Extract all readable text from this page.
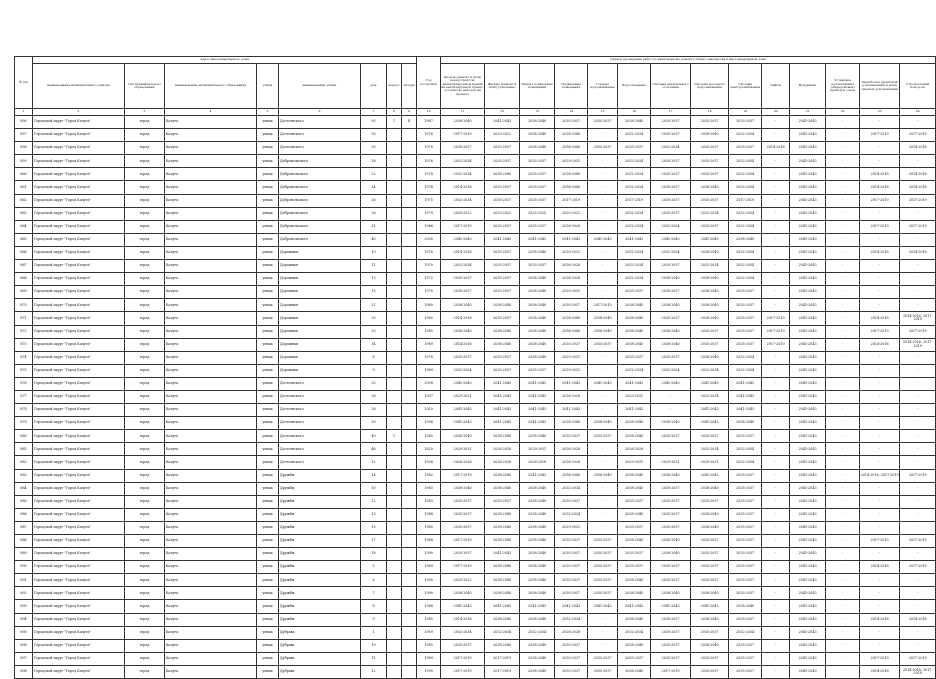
№ п/п	Адрес многоквартирного дома								Год постройки	Период проведения работ по капитальному ремонту общего имущества в многоквартирном доме													
	наименование муниципального района	тип муниципального образования	наименование муниципального образования	улица	наименование улицы	дом	корпус	литера		Кровля (ремонт и (или) переустройство невентилируемой крыши на вентилируемую крышу, устройство выходов на кровлю)	Фасады (ремонт и (или) утепление)	Ремонт подвальных помещений	Подвальные помещения	Горячее водоснабжение	Водоотведение	Система центрального отопления	Система холодного водоснабжения	Система электроснабжения	Лифты	Фундамент	Установка коллективных (общедомовых) приборов учета	Разработка проектной документации и (или) сметной документации	Строительный контроль
1	2	3	4	5	6	7	8	9	10	11	12	13	14	15	16	17	18	19	20	21	22	23	24
856	Городской округ "Город Калуга"	город	Калуга	улица	Достоевского	93	1	Б	1987	2038-2040	2041-2043	2038-2040	2035-2037	2035-2037	2038-2040	2035-2037	2035-2037	2035-2037	-	2041-2043	-	-	-
857	Городской округ "Город Калуга"	город	Калуга	улица	Достоевского	93			1976	2017-2019	2020-2022	2038-2040	2038-2040	-	2032-2034	2035-2037	2038-2040	2032-2034	-	2041-2043	-	2017-2019	2017-2019
858	Городской округ "Город Калуга"	город	Калуга	улица	Достоевского	93			1976	2035-2037	2035-2037	2038-2040	2038-2040	2035-2037	2035-2037	2032-2034	2035-2037	2035-2037	2014-2016	2041-2043	-	-	2014-2016
859	Городской округ "Город Калуга"	город	Калуга	улица	Добровольского	16			1976	2032-2034	2035-2037	2035-2037	2029-2031	-	2032-2034	2035-2037	2035-2037	2032-2034	-	2041-2043	-	-	-
860	Городской округ "Город Калуга"	город	Калуга	улица	Добровольского	22			1978	2032-2034	2038-2040	2035-2037	2038-2040	-	2032-2034	2035-2037	2035-2037	2032-2034	-	2041-2043	-	2014-2016	2014-2016
861	Городской округ "Город Калуга"	город	Калуга	улица	Добровольского	24			1974	2014-2016	2035-2037	2035-2037	2038-2040	-	2032-2034	2035-2037	2038-2040	2032-2034	-	2041-2043	-	2014-2016	2014-2016
862	Городской округ "Город Калуга"	город	Калуга	улица	Добровольского	26			1975	2032-2034	2035-2037	2035-2037	2017-2019	-	2017-2019	2035-2037	2035-2037	2017-2019	-	2041-2043	-	2017-2019	2017-2019
863	Городской округ "Город Калуга"	город	Калуга	улица	Добровольского	28			1979	2020-2022	2020-2022	2023-2025	2020-2022	-	2032-2034	2035-2037	2032-2034	2032-2034	-	2041-2043	-	-	-
864	Городской округ "Город Калуга"	город	Калуга	улица	Добровольского	31			1968	2017-2019	2035-2037	2035-2037	2026-2028	-	2032-2034	2032-2034	2035-2037	2032-2034	-	2041-2043	-	2017-2019	2017-2019
865	Городской округ "Город Калуга"	город	Калуга	улица	Добровольского	40			2005	2041-2043	2041-2043	2041-2043	2041-2043	2041-2043	2041-2043	2041-2043	2041-2043	2038-2040	-	2041-2043	-	-	-
866	Городской округ "Город Калуга"	город	Калуга	улица	Дорожная	10			1976	2014-2016	2035-2037	2038-2040	2029-2031	-	2032-2034	2032-2034	2038-2040	2032-2034	-	2041-2043	-	2014-2016	2014-2016
867	Городской округ "Город Калуга"	город	Калуга	улица	Дорожная	11			1970	2032-2034	2035-2037	2035-2037	2026-2028	-	2032-2034	2035-2037	2032-2034	2032-2034	-	2041-2043	-	-	-
868	Городской округ "Город Калуга"	город	Калуга	улица	Дорожная	13			1972	2035-2037	2035-2037	2038-2040	2026-2028	-	2032-2034	2038-2040	2038-2040	2032-2034	-	2041-2043	-	-	-
869	Городской округ "Город Калуга"	город	Калуга	улица	Дорожная	15			1970	2035-2037	2035-2037	2038-2040	2029-2031	-	2035-2037	2035-2037	2038-2040	2035-2037	-	2041-2043	-	-	-
870	Городской округ "Город Калуга"	город	Калуга	улица	Дорожная	21			1980	2038-2040	2038-2040	2038-2040	2035-2037	2017-2019	2038-2040	2038-2040	2038-2040	2035-2037	-	2041-2043	-	-	-
871	Городской округ "Город Калуга"	город	Калуга	улица	Дорожная	35			1985	2014-2016	2035-2037	2038-2040	2038-2040	2038-2040	2038-2040	2035-2037	2038-2040	2035-2037	2017-2019	2041-2043	-	2014-2016	2014-2016, 2017-2019
872	Городской округ "Город Калуга"	город	Калуга	улица	Дорожная	33			1985	2038-2040	2038-2040	2038-2040	2038-2040	2038-2040	2038-2040	2038-2040	2035-2037	2035-2037	2017-2019	2041-2043	-	2017-2019	2017-2019
873	Городской округ "Город Калуга"	город	Калуга	улица	Дорожная	34			1989	2014-2016	2038-2040	2038-2040	2035-2037	2035-2037	2038-2040	2038-2040	2035-2037	2035-2037	2017-2019	2041-2043	-	2014-2016	2014-2016, 2017-2019
874	Городской округ "Город Калуга"	город	Калуга	улица	Дорожная	8			1976	2035-2037	2035-2037	2038-2040	2029-2031	-	2035-2037	2035-2037	2038-2040	2032-2034	-	2041-2043	-	-	-
875	Городской округ "Город Калуга"	город	Калуга	улица	Дорожная	9			1969	2032-2034	2035-2037	2035-2037	2029-2031	-	2032-2034	2032-2034	2032-2034	2032-2034	-	2041-2043	-	-	-
876	Городской округ "Город Калуга"	город	Калуга	улица	Достоевского	25			2008	2041-2043	2041-2043	2041-2043	2041-2043	2041-2043	2041-2043	2041-2043	2041-2043	2041-2043	-	2041-2043	-	-	-
877	Городской округ "Город Калуга"	город	Калуга	улица	Достоевского	28			1937	2029-2031	2041-2043	2041-2043	2026-2028	-	2029-2031	-	2032-2034	2041-2043	-	2041-2043	-	-	-
878	Городской округ "Город Калуга"	город	Калуга	улица	Достоевского	28			2010	2041-2043	2041-2043	2041-2043	2041-2043	-	2041-2043	-	2041-2043	2041-2043	-	2041-2043	-	-	-
879	Городской округ "Город Калуга"	город	Калуга	улица	Достоевского	30			1998	2041-2043	2041-2043	2041-2043	2038-2040	2038-2040	2038-2040	2038-2040	2041-2043	2038-2040	-	2041-2043	-	-	-
880	Городской округ "Город Калуга"	город	Калуга	улица	Достоевского	40	1		1985	2038-2040	2038-2040	2038-2040	2035-2037	2035-2037	2038-2040	2035-2037	2035-2037	2035-2037	-	2041-2043	-	-	-
881	Городской округ "Город Калуга"	город	Калуга	улица	Достоевского	46			1820	2029-2031	2026-2028	2029-2031	2026-2028	-	2026-2028	-	2032-2034	2032-2034	-	2041-2043	-	-	-
882	Городской округ "Город Калуга"	город	Калуга	улица	Достоевского	12			1938	2026-2028	2026-2028	2026-2028	2026-2028	-	2029-2031	2029-2031	2029-2031	2032-2034	-	2041-2043	-	-	-
883	Городской округ "Город Калуга"	город	Калуга	улица	Дружбы	14			1982	2017-2019	2038-2040	2041-2043	2038-2040	2038-2040	2038-2040	2038-2040	2041-2043	2035-2037	-	2041-2043	-	2014-2016, 2017-2019	2017-2019
884	Городской округ "Город Калуга"	город	Калуга	улица	Дружбы	10			1983	2038-2040	2038-2040	2038-2040	2032-2034	-	2038-2040	2035-2037	2038-2040	2035-2037	-	2041-2043	-	-	-
885	Городской округ "Город Калуга"	город	Калуга	улица	Дружбы	12			1983	2035-2037	2035-2037	2038-2040	2035-2037	-	2035-2037	2035-2037	2035-2037	2035-2037	-	2041-2043	-	-	-
886	Городской округ "Город Калуга"	город	Калуга	улица	Дружбы	13			1984	2035-2037	2038-2040	2038-2040	2032-2034	-	2038-2040	2035-2037	2038-2040	2035-2037	-	2041-2043	-	-	-
887	Городской округ "Город Калуга"	город	Калуга	улица	Дружбы	15			1985	2035-2037	2038-2040	2038-2040	2029-2031	-	2035-2037	2035-2037	2038-2040	2035-2037	-	2041-2043	-	-	-
888	Городской округ "Город Калуга"	город	Калуга	улица	Дружбы	17			1988	2017-2019	2038-2040	2038-2040	2035-2037	2035-2037	2038-2040	2038-2040	2035-2037	2035-2037	-	2041-2043	-	2017-2019	2017-2019
889	Городской округ "Город Калуга"	город	Калуга	улица	Дружбы	18			1990	2035-2037	2041-2043	2038-2040	2035-2037	2035-2037	2035-2037	2038-2040	2035-2037	2035-2037	-	2041-2043	-	-	-
890	Городской округ "Город Калуга"	город	Калуга	улица	Дружбы	5			1989	2017-2019	2038-2040	2038-2040	2035-2037	2035-2037	2035-2037	2035-2037	2035-2037	2035-2037	-	2041-2043	-	2014-2016	2017-2019
891	Городской округ "Город Калуга"	город	Калуга	улица	Дружбы	6			1990	2020-2022	2038-2040	2038-2040	2035-2037	2035-2037	2038-2040	2035-2037	2035-2037	2035-2037	-	2041-2043	-	-	-
892	Городской округ "Город Калуга"	город	Калуга	улица	Дружбы	7			1990	2038-2040	2038-2040	2038-2040	2035-2037	2035-2037	2038-2040	2038-2040	2038-2040	2035-2037	-	2041-2043	-	-	-
893	Городской округ "Город Калуга"	город	Калуга	улица	Дружбы	8			1984	2041-2043	2041-2043	2041-2043	2041-2043	2041-2043	2041-2043	2041-2043	2041-2043	2038-2040	-	2041-2043	-	-	-
894	Городской округ "Город Калуга"	город	Калуга	улица	Дружбы	9			1985	2014-2016	2038-2040	2038-2040	2032-2034	-	2038-2040	2035-2037	2038-2040	2035-2037	-	2041-2043	-	2014-2016	2014-2016
895	Городской округ "Город Калуга"	город	Калуга	улица	Дубрава	1			1959	2032-2034	2032-2034	2032-2034	2026-2028	-	2032-2034	2035-2037	2035-2037	2032-2034	-	2041-2043	-	-	-
896	Городской округ "Город Калуга"	город	Калуга	улица	Дубрава	10			1985	2035-2037	2038-2040	2038-2040	2035-2037	-	2038-2040	2035-2037	2038-2040	2035-2037	-	2041-2043	-	-	-
897	Городской округ "Город Калуга"	город	Калуга	улица	Дубрава	11			1989	2017-2019	2017-2019	2038-2040	2035-2037	2035-2037	2035-2037	2035-2037	2035-2037	2035-2037	-	2041-2043	-	2017-2019	2017-2019
898	Городской округ "Город Калуга"	город	Калуга	улица	Дубрава	12			1990	2017-2019	2017-2019	2038-2040	2035-2037	2035-2037	2038-2040	2017-2019	2035-2037	2035-2037	-	2041-2043	-	2014-2016	2014-2016, 2017-2019
